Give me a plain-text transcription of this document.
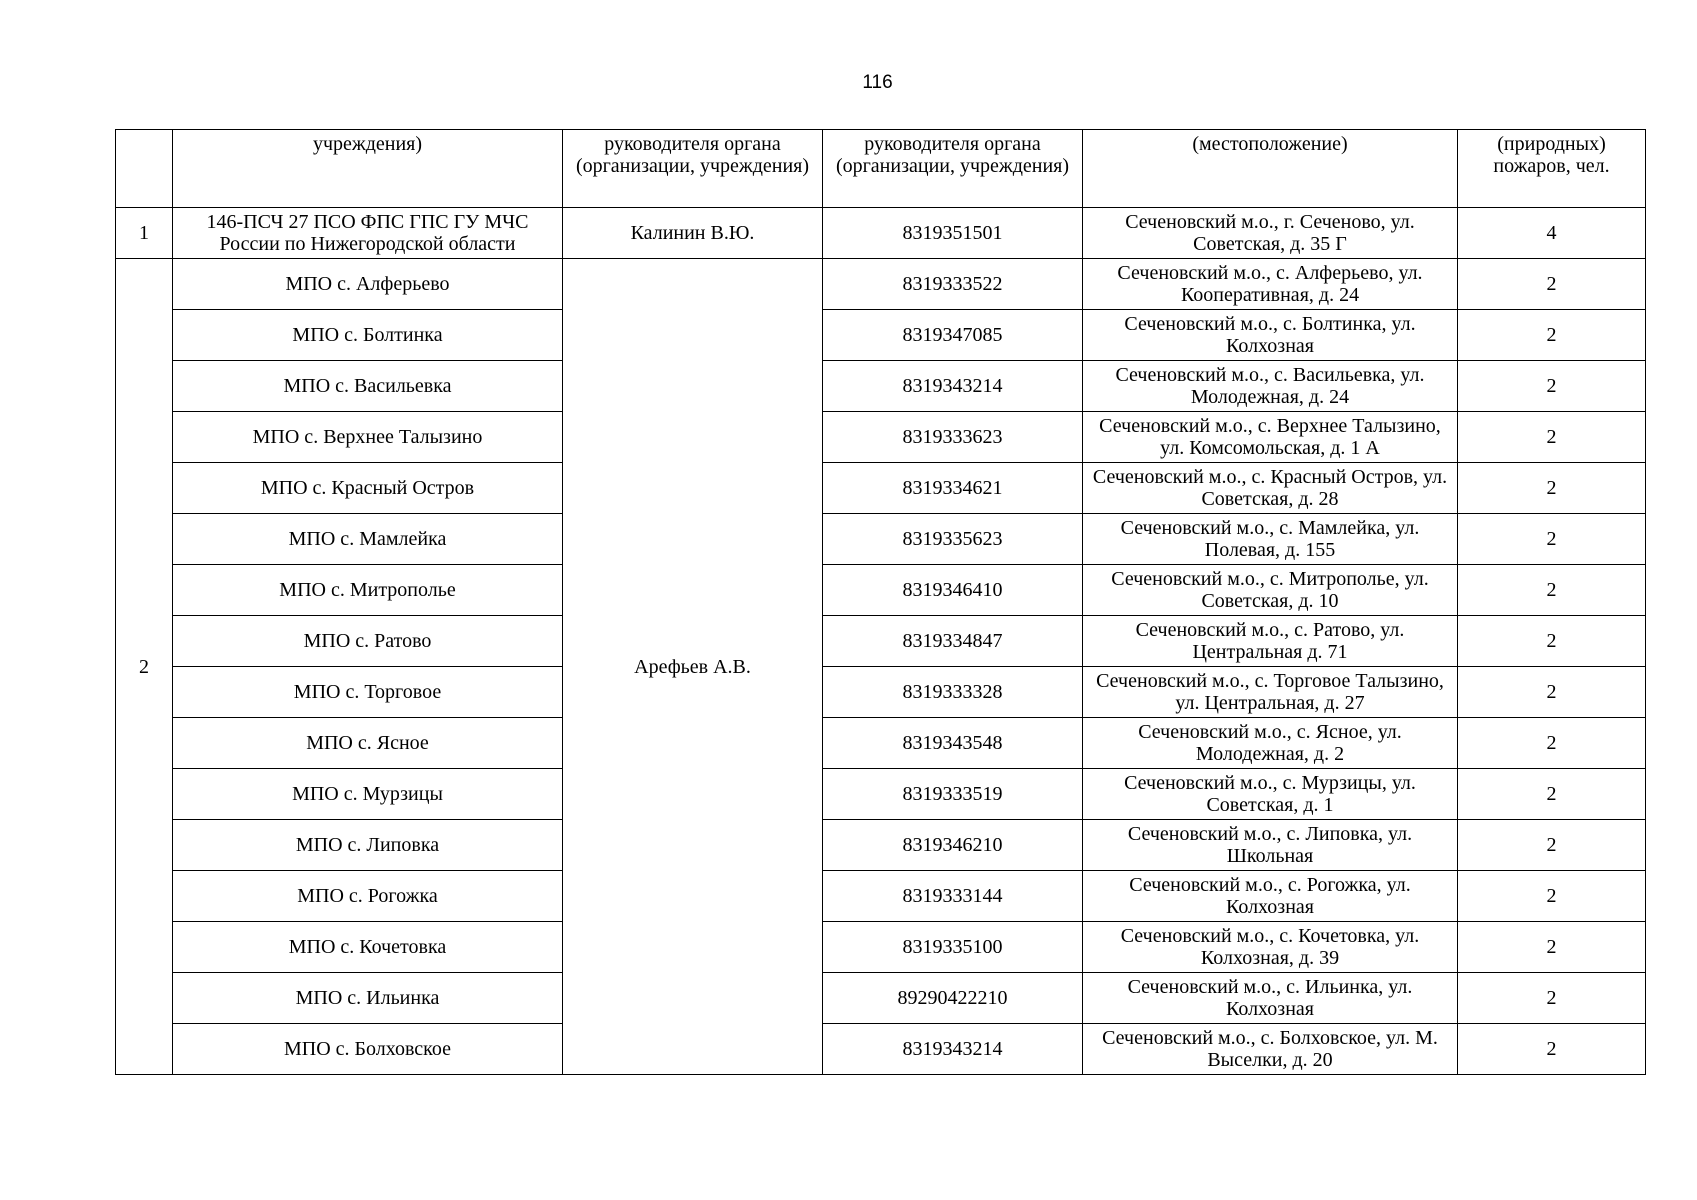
116
	учреждения)	руководителя органа (организации, учреждения)	руководителя органа (организации, учреждения)	(местоположение)	(природных) пожаров, чел.
1	146-ПСЧ 27 ПСО ФПС ГПС ГУ МЧС России по Нижегородской области	Калинин В.Ю.	8319351501	Сеченовский м.о., г. Сеченово, ул. Советская, д. 35 Г	4
2	МПО с. Алферьево	Арефьев А.В.	8319333522	Сеченовский м.о., с. Алферьево, ул. Кооперативная, д. 24	2
	МПО с. Болтинка		8319347085	Сеченовский м.о., с. Болтинка, ул. Колхозная	2
	МПО с. Васильевка		8319343214	Сеченовский м.о., с. Васильевка, ул. Молодежная, д. 24	2
	МПО с. Верхнее Талызино		8319333623	Сеченовский м.о., с. Верхнее Талызино, ул. Комсомольская, д. 1 А	2
	МПО с. Красный Остров		8319334621	Сеченовский м.о., с. Красный Остров, ул. Советская, д. 28	2
	МПО с. Мамлейка		8319335623	Сеченовский м.о., с. Мамлейка, ул. Полевая, д. 155	2
	МПО с. Митрополье		8319346410	Сеченовский м.о., с. Митрополье, ул. Советская, д. 10	2
	МПО с. Ратово		8319334847	Сеченовский м.о., с. Ратово, ул. Центральная д. 71	2
	МПО с. Торговое		8319333328	Сеченовский м.о., с. Торговое Талызино, ул. Центральная, д. 27	2
	МПО с. Ясное		8319343548	Сеченовский м.о., с. Ясное, ул. Молодежная, д. 2	2
	МПО с. Мурзицы		8319333519	Сеченовский м.о., с. Мурзицы, ул. Советская, д. 1	2
	МПО с. Липовка		8319346210	Сеченовский м.о., с. Липовка, ул. Школьная	2
	МПО с. Рогожка		8319333144	Сеченовский м.о., с. Рогожка, ул. Колхозная	2
	МПО с. Кочетовка		8319335100	Сеченовский м.о., с. Кочетовка, ул. Колхозная, д. 39	2
	МПО с. Ильинка		89290422210	Сеченовский м.о., с. Ильинка, ул. Колхозная	2
	МПО с. Болховское		8319343214	Сеченовский м.о., с. Болховское, ул. М. Выселки, д. 20	2
